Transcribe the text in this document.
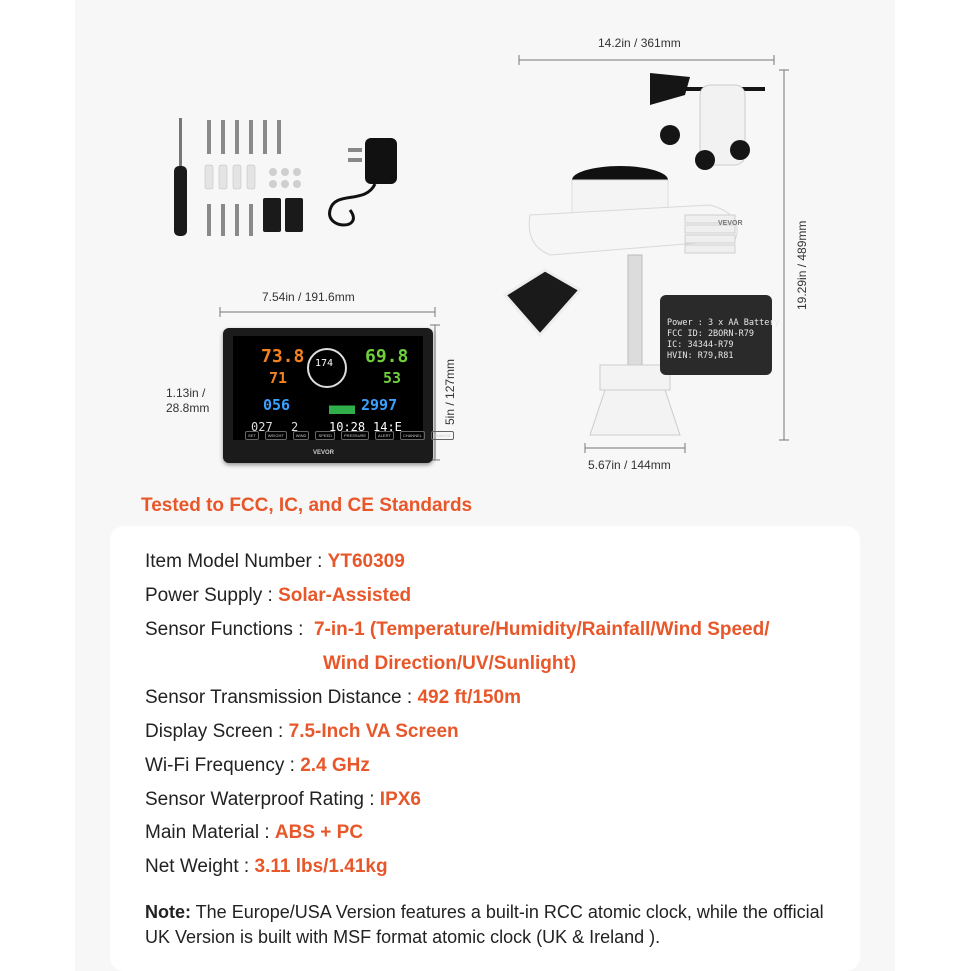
7.54in / 191.6mm
1.13in /
28.8mm	5in / 127mm
73.8
71
174 69.8
53
056	2997
027 2	10:28 14:E
SET	WEIGHT	WIND	SPEED	PRESSURE	ALERT	CHANNEL	CHANGE
VEVOR
14.2in / 361mm
19.29in / 489mm
5.67in / 144mm
Power : 3 x AA Battery
FCC ID: 2BORN-R79
IC: 34344-R79
HVIN: R79,R81
VEVOR
Tested to FCC, IC, and CE Standards
Item Model Number : YT60309
Power Supply : Solar-Assisted
Sensor Functions :  7-in-1 (Temperature/Humidity/Rainfall/Wind Speed/
Wind Direction/UV/Sunlight)
Sensor Transmission Distance : 492 ft/150m
Display Screen : 7.5-Inch VA Screen
Wi-Fi Frequency : 2.4 GHz
Sensor Waterproof Rating : IPX6
Main Material : ABS + PC
Net Weight : 3.11 lbs/1.41kg
Note: The Europe/USA Version features a built-in RCC atomic clock, while the official UK Version is built with MSF format atomic clock (UK & Ireland ).
